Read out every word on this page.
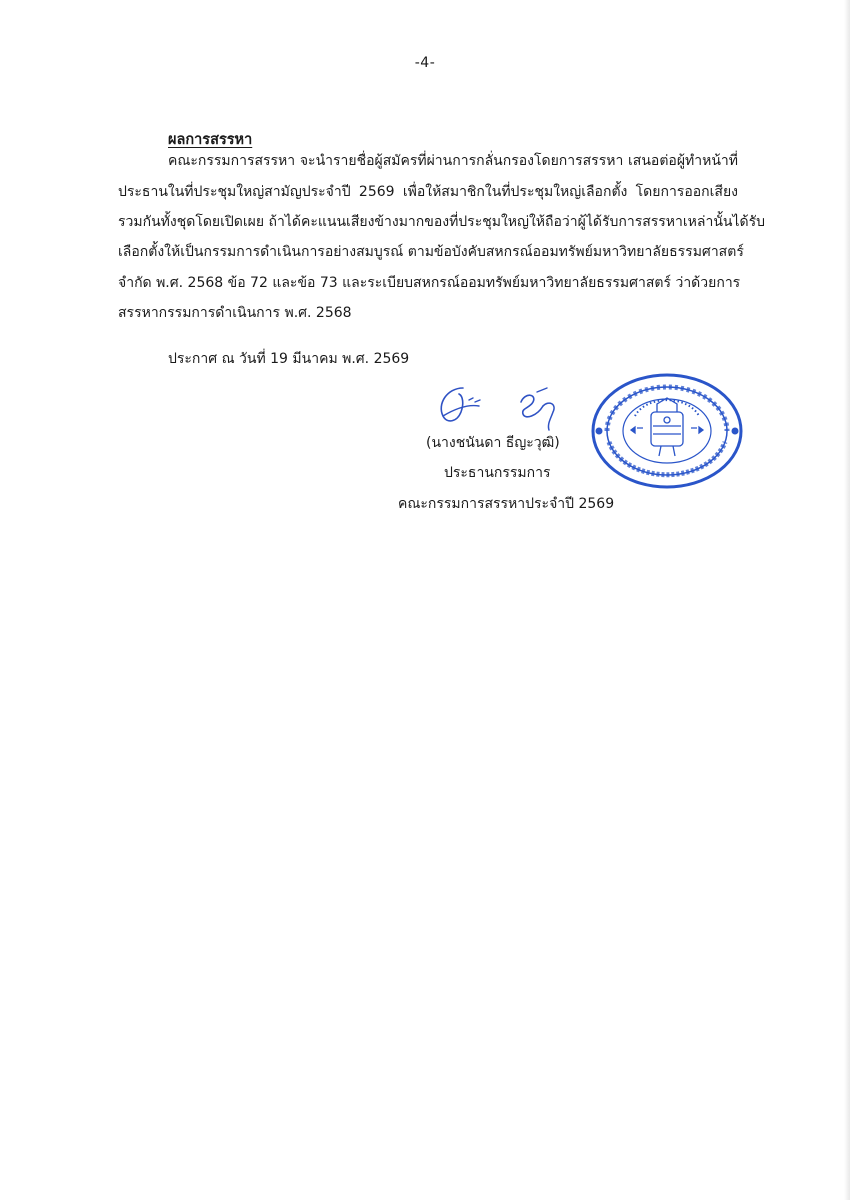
-4-
ผลการสรรหา
คณะกรรมการสรรหา จะนำรายชื่อผู้สมัครที่ผ่านการกลั่นกรองโดยการสรรหา เสนอต่อผู้ทำหน้าที่
ประธานในที่ประชุมใหญ่สามัญประจำปี 2569 เพื่อให้สมาชิกในที่ประชุมใหญ่เลือกตั้ง โดยการออกเสียง
รวมกันทั้งชุดโดยเปิดเผย ถ้าได้คะแนนเสียงข้างมากของที่ประชุมใหญ่ให้ถือว่าผู้ได้รับการสรรหาเหล่านั้นได้รับ
เลือกตั้งให้เป็นกรรมการดำเนินการอย่างสมบูรณ์ ตามข้อบังคับสหกรณ์ออมทรัพย์มหาวิทยาลัยธรรมศาสตร์
จำกัด พ.ศ. 2568 ข้อ 72 และข้อ 73 และระเบียบสหกรณ์ออมทรัพย์มหาวิทยาลัยธรรมศาสตร์ ว่าด้วยการ
สรรหากรรมการดำเนินการ พ.ศ. 2568
ประกาศ ณ วันที่ 19 มีนาคม พ.ศ. 2569
(นางชนันดา ธีญะวุฒิ)
ประธานกรรมการ
คณะกรรมการสรรหาประจำปี 2569
